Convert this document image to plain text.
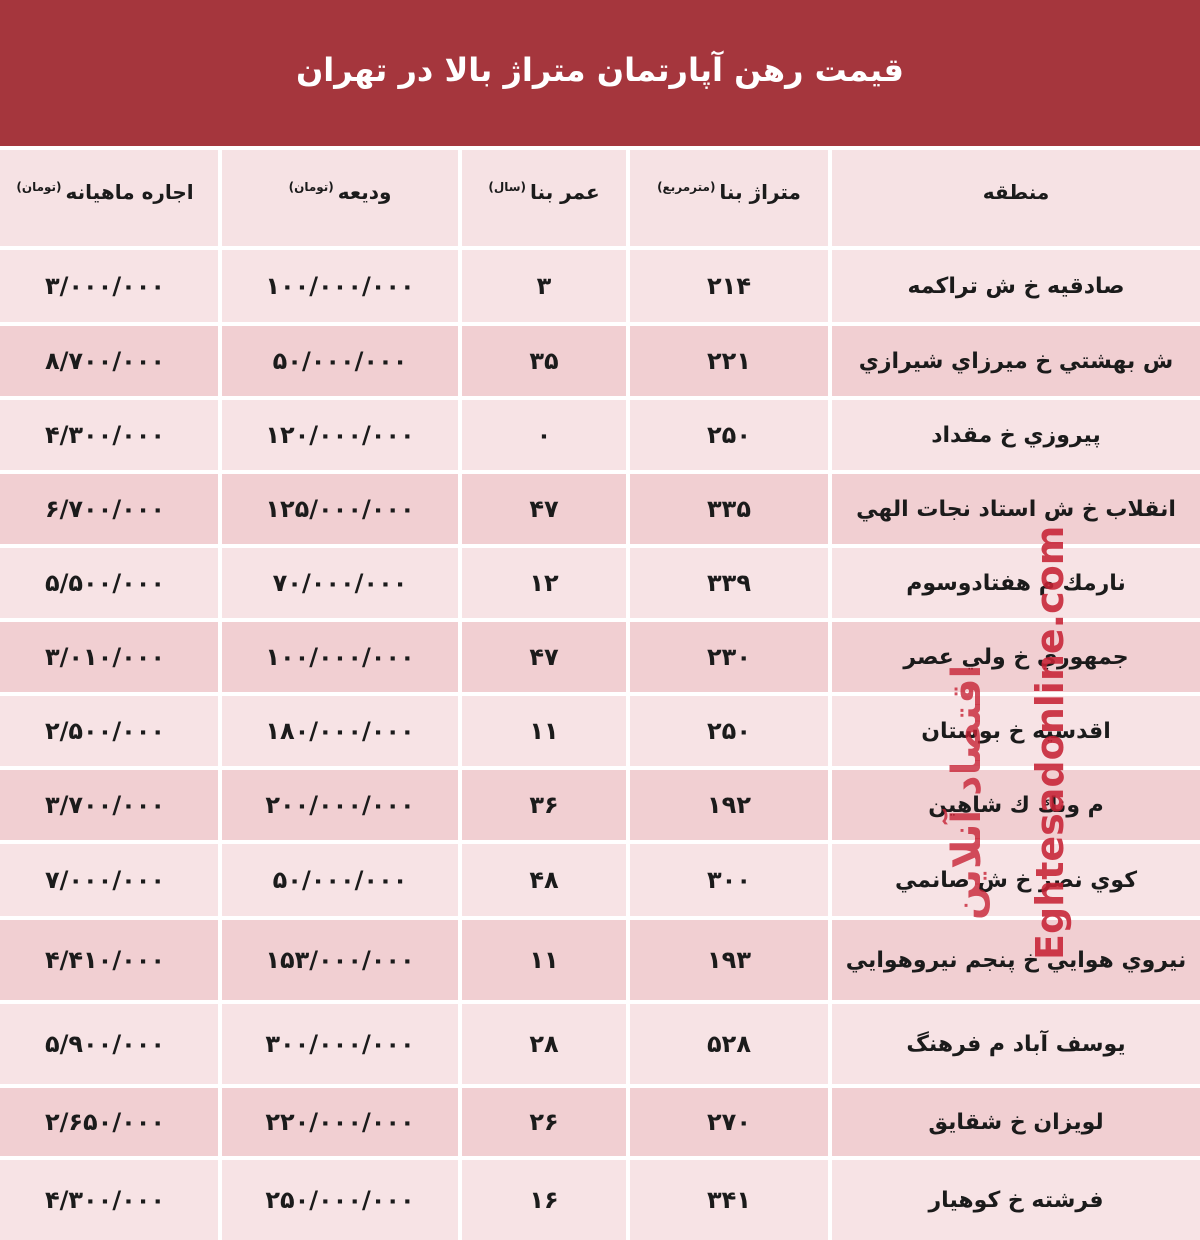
قیمت رهن آپارتمان متراژ بالا در تهران
منطقه
متراژ بنا
(مترمربع)
عمر بنا
(سال)
وديعه
(تومان)
اجاره ماهيانه
(تومان)
صادقيه خ ش تراكمه
۲۱۴
۳
۱۰۰/۰۰۰/۰۰۰
۳/۰۰۰/۰۰۰
ش بهشتي خ ميرزاي شيرازي
۲۲۱
۳۵
۵۰/۰۰۰/۰۰۰
۸/۷۰۰/۰۰۰
پيروزي خ مقداد
۲۵۰
۰
۱۲۰/۰۰۰/۰۰۰
۴/۳۰۰/۰۰۰
انقلاب خ ش استاد نجات الهي
۳۳۵
۴۷
۱۲۵/۰۰۰/۰۰۰
۶/۷۰۰/۰۰۰
نارمك م هفتادوسوم
۳۳۹
۱۲
۷۰/۰۰۰/۰۰۰
۵/۵۰۰/۰۰۰
جمهوري خ ولي عصر
۲۳۰
۴۷
۱۰۰/۰۰۰/۰۰۰
۳/۰۱۰/۰۰۰
اقدسيه خ بوستان
۲۵۰
۱۱
۱۸۰/۰۰۰/۰۰۰
۲/۵۰۰/۰۰۰
م ونك ك شاهين
۱۹۲
۳۶
۲۰۰/۰۰۰/۰۰۰
۳/۷۰۰/۰۰۰
كوي نصر خ ش صانمي
۳۰۰
۴۸
۵۰/۰۰۰/۰۰۰
۷/۰۰۰/۰۰۰
نيروي هوايي خ پنجم نيروهوايي
۱۹۳
۱۱
۱۵۳/۰۰۰/۰۰۰
۴/۴۱۰/۰۰۰
يوسف آباد م فرهنگ
۵۲۸
۲۸
۳۰۰/۰۰۰/۰۰۰
۵/۹۰۰/۰۰۰
لويزان خ شقايق
۲۷۰
۲۶
۲۲۰/۰۰۰/۰۰۰
۲/۶۵۰/۰۰۰
فرشته خ كوهيار
۳۴۱
۱۶
۲۵۰/۰۰۰/۰۰۰
۴/۳۰۰/۰۰۰
اقتصاد آنلاین Eghtesadonline.com
